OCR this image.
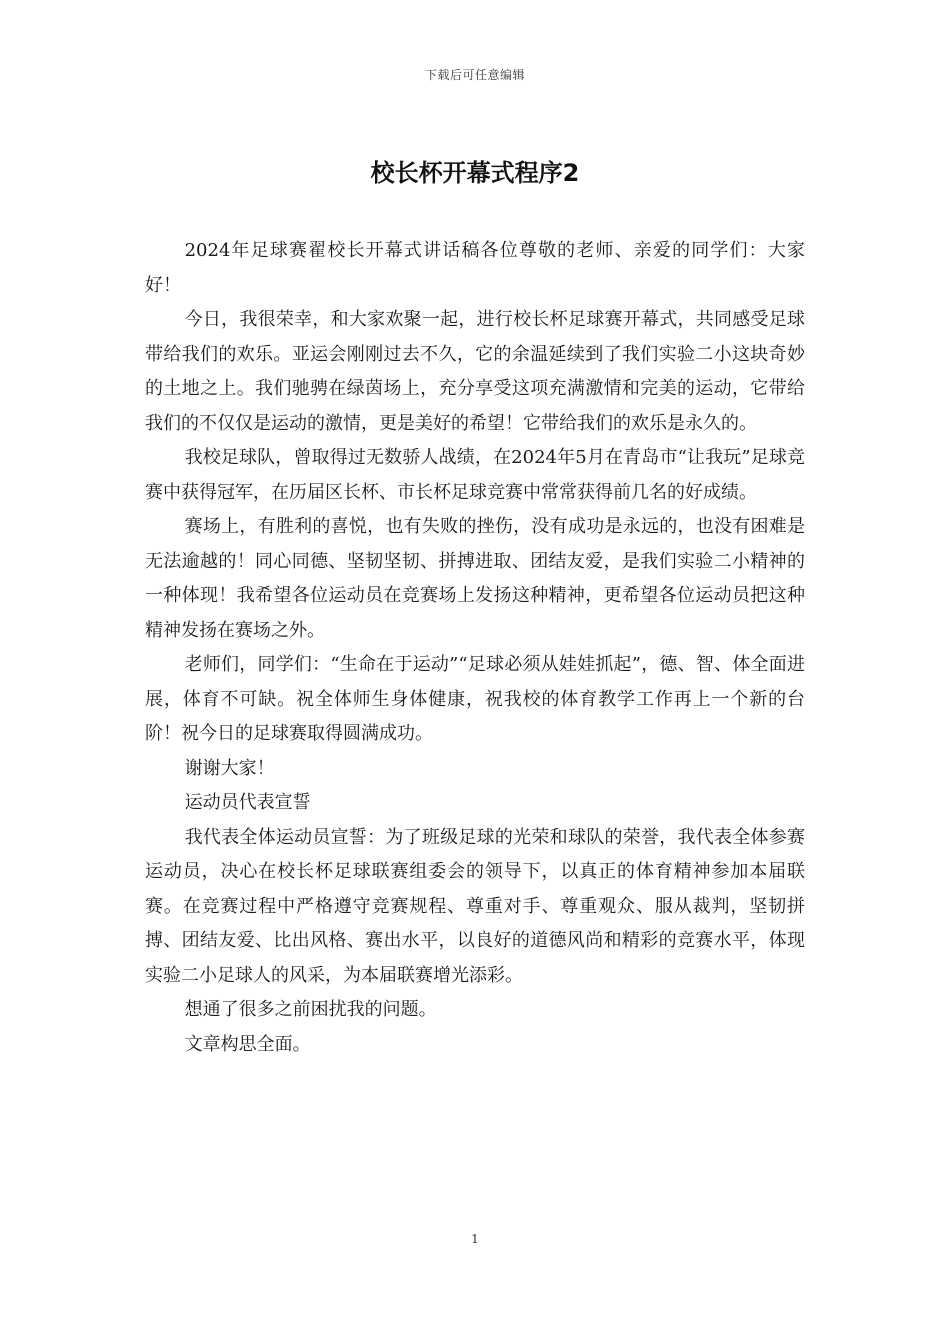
下载后可任意编辑
校长杯开幕式程序2

2024年足球赛翟校长开幕式讲话稿各位尊敬的老师、亲爱的同学们：大家好！

今日，我很荣幸，和大家欢聚一起，进行校长杯足球赛开幕式，共同感受足球带给我们的欢乐。亚运会刚刚过去不久，它的余温延续到了我们实验二小这块奇妙的土地之上。我们驰骋在绿茵场上，充分享受这项充满激情和完美的运动，它带给我们的不仅仅是运动的激情，更是美好的希望！它带给我们的欢乐是永久的。

我校足球队，曾取得过无数骄人战绩，在2024年5月在青岛市“让我玩”足球竞赛中获得冠军，在历届区长杯、市长杯足球竞赛中常常获得前几名的好成绩。

赛场上，有胜利的喜悦，也有失败的挫伤，没有成功是永远的，也没有困难是无法逾越的！同心同德、坚韧坚韧、拼搏进取、团结友爱，是我们实验二小精神的一种体现！我希望各位运动员在竞赛场上发扬这种精神，更希望各位运动员把这种精神发扬在赛场之外。

老师们，同学们：“生命在于运动”“足球必须从娃娃抓起”，德、智、体全面进展，体育不可缺。祝全体师生身体健康，祝我校的体育教学工作再上一个新的台阶！祝今日的足球赛取得圆满成功。

谢谢大家！

运动员代表宣誓

我代表全体运动员宣誓：为了班级足球的光荣和球队的荣誉，我代表全体参赛运动员，决心在校长杯足球联赛组委会的领导下，以真正的体育精神参加本届联赛。在竞赛过程中严格遵守竞赛规程、尊重对手、尊重观众、服从裁判，坚韧拼搏、团结友爱、比出风格、赛出水平，以良好的道德风尚和精彩的竞赛水平，体现实验二小足球人的风采，为本届联赛增光添彩。

想通了很多之前困扰我的问题。

文章构思全面。

1
